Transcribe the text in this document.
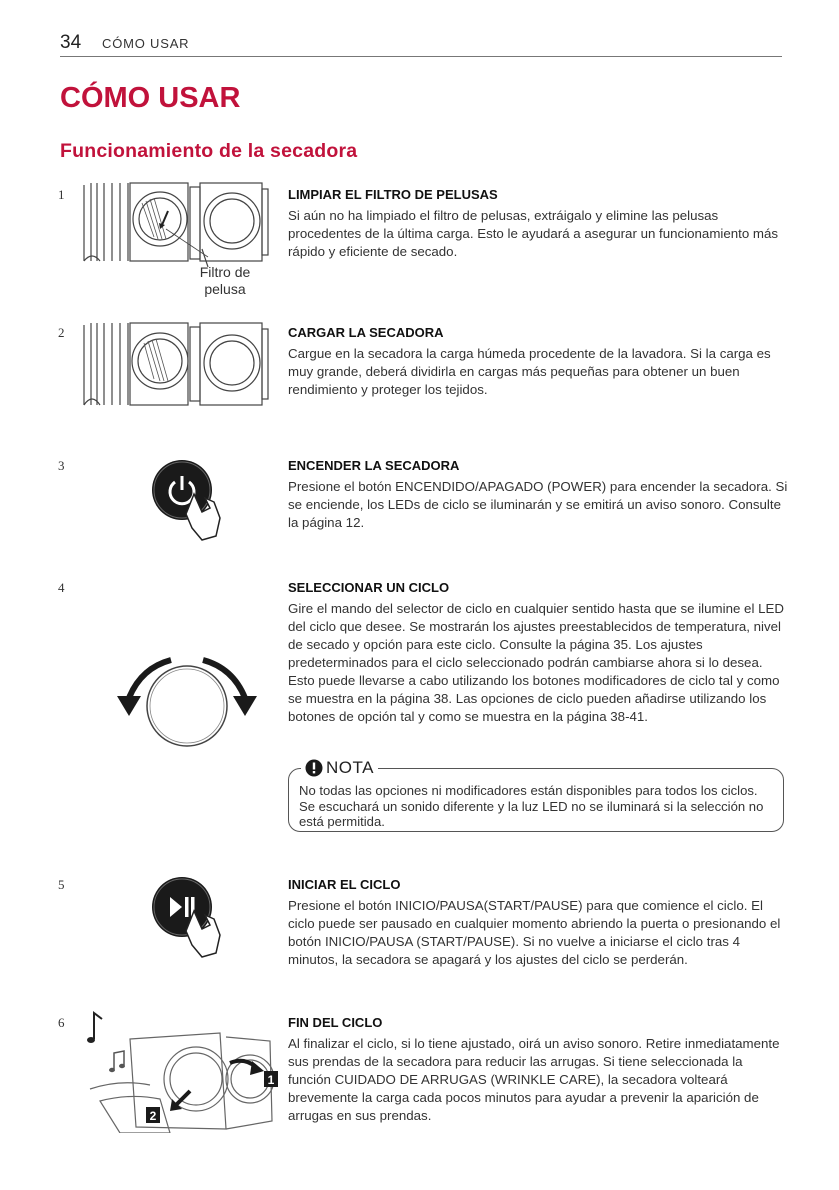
34 CÓMO USAR
CÓMO USAR
Funcionamiento de la secadora
1
Filtro de
pelusa
LIMPIAR EL FILTRO DE PELUSAS

Si aún no ha limpiado el filtro de pelusas, extráigalo y elimine las pelusas procedentes de la última carga. Esto le ayudará a asegurar un funcionamiento más rápido y eficiente de secado.

2	CARGAR LA SECADORA

Cargue en la secadora la carga húmeda procedente de la lavadora. Si la carga es muy grande, deberá dividirla en cargas más pequeñas para obtener un buen rendimiento y proteger los tejidos.

3	ENCENDER LA SECADORA

Presione el botón ENCENDIDO/APAGADO (POWER) para encender la secadora. Si se enciende, los LEDs de ciclo se iluminarán y se emitirá un aviso sonoro. Consulte la página 12.

4	SELECCIONAR UN CICLO

Gire el mando del selector de ciclo en cualquier sentido hasta que se ilumine el LED del ciclo que desee. Se mostrarán los ajustes preestablecidos de temperatura, nivel de secado y opción para este ciclo. Consulte la página 35. Los ajustes predeterminados para el ciclo seleccionado podrán cambiarse ahora si lo desea. Esto puede llevarse a cabo utilizando los botones modificadores de ciclo tal y como se muestra en la página 38. Las opciones de ciclo pueden añadirse utilizando los botones de opción tal y como se muestra en la página 38-41.

NOTA

No todas las opciones ni modificadores están disponibles para todos los ciclos. Se escuchará un sonido diferente y la luz LED no se iluminará si la selección no está permitida.

5	INICIAR EL CICLO

Presione el botón INICIO/PAUSA(START/PAUSE) para que comience el ciclo. El ciclo puede ser pausado en cualquier momento abriendo la puerta o presionando el botón INICIO/PAUSA (START/PAUSE). Si no vuelve a iniciarse el ciclo tras 4 minutos, la secadora se apagará y los ajustes del ciclo se perderán.

6
1
2
FIN DEL CICLO

Al finalizar el ciclo, si lo tiene ajustado, oirá un aviso sonoro. Retire inmediatamente sus prendas de la secadora para reducir las arrugas. Si tiene seleccionada la función CUIDADO DE ARRUGAS (WRINKLE CARE), la secadora volteará brevemente la carga cada pocos minutos para ayudar a prevenir la aparición de arrugas en sus prendas.
